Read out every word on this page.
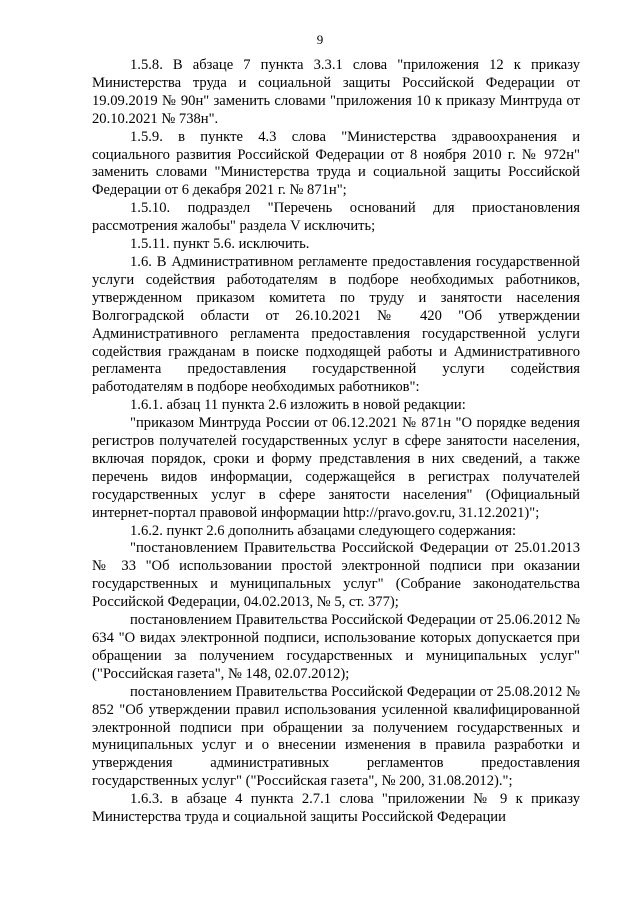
9

1.5.8. В абзаце 7 пункта 3.3.1 слова "приложения 12 к приказу Министерства труда и социальной защиты Российской Федерации от 19.09.2019 № 90н" заменить словами "приложения 10 к приказу Минтруда от 20.10.2021 № 738н".

1.5.9. в пункте 4.3 слова "Министерства здравоохранения и социального развития Российской Федерации от 8 ноября 2010 г. № 972н" заменить словами "Министерства труда и социальной защиты Российской Федерации от 6 декабря 2021 г. № 871н";

1.5.10. подраздел "Перечень оснований для приостановления рассмотрения жалобы" раздела V исключить;

1.5.11. пункт 5.6. исключить.

1.6. В Административном регламенте предоставления государственной услуги содействия работодателям в подборе необходимых работников, утвержденном приказом комитета по труду и занятости населения Волгоградской области от 26.10.2021 № 420 "Об утверждении Административного регламента предоставления государственной услуги содействия гражданам в поиске подходящей работы и Административного регламента предоставления государственной услуги содействия работодателям в подборе необходимых работников":

1.6.1. абзац 11 пункта 2.6 изложить в новой редакции:

"приказом Минтруда России от 06.12.2021 № 871н "О порядке ведения регистров получателей государственных услуг в сфере занятости населения, включая порядок, сроки и форму представления в них сведений, а также перечень видов информации, содержащейся в регистрах получателей государственных услуг в сфере занятости населения" (Официальный интернет-портал правовой информации http://pravo.gov.ru, 31.12.2021)";

1.6.2. пункт 2.6 дополнить абзацами следующего содержания:

"постановлением Правительства Российской Федерации от 25.01.2013 № 33 "Об использовании простой электронной подписи при оказании государственных и муниципальных услуг" (Собрание законодательства Российской Федерации, 04.02.2013, № 5, ст. 377);

постановлением Правительства Российской Федерации от 25.06.2012 № 634 "О видах электронной подписи, использование которых допускается при обращении за получением государственных и муниципальных услуг" ("Российская газета", № 148, 02.07.2012);

постановлением Правительства Российской Федерации от 25.08.2012 № 852 "Об утверждении правил использования усиленной квалифицированной электронной подписи при обращении за получением государственных и муниципальных услуг и о внесении изменения в правила разработки и утверждения административных регламентов предоставления государственных услуг" ("Российская газета", № 200, 31.08.2012).";

1.6.3. в абзаце 4 пункта 2.7.1 слова "приложении № 9 к приказу Министерства труда и социальной защиты Российской Федерации
